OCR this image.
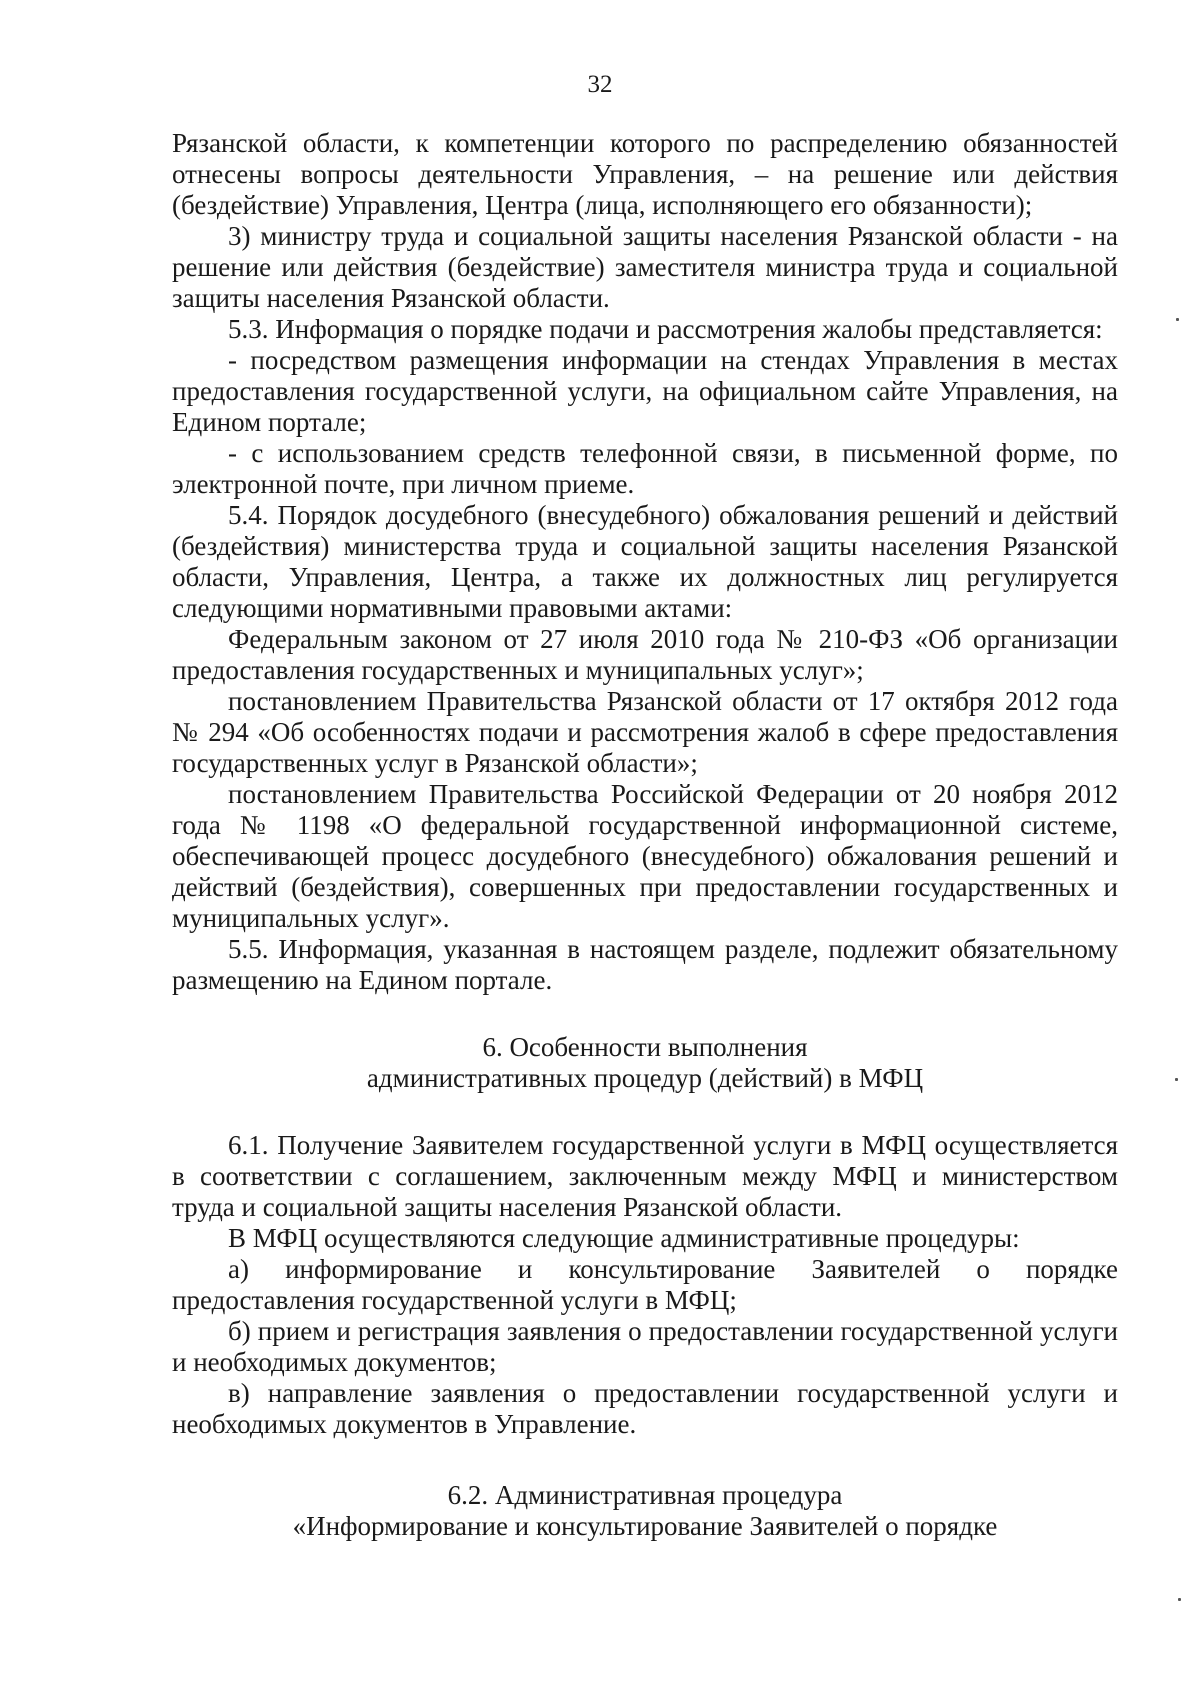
32

Рязанской области, к компетенции которого по распределению обязанностей отнесены вопросы деятельности Управления, – на решение или действия (бездействие) Управления, Центра (лица, исполняющего его обязанности);

3) министру труда и социальной защиты населения Рязанской области - на решение или действия (бездействие) заместителя министра труда и социальной защиты населения Рязанской области.

5.3. Информация о порядке подачи и рассмотрения жалобы представляется:

- посредством размещения информации на стендах Управления в местах предоставления государственной услуги, на официальном сайте Управления, на Едином портале;

- с использованием средств телефонной связи, в письменной форме, по электронной почте, при личном приеме.

5.4. Порядок досудебного (внесудебного) обжалования решений и действий (бездействия) министерства труда и социальной защиты населения Рязанской области, Управления, Центра, а также их должностных лиц регулируется следующими нормативными правовыми актами:

Федеральным законом от 27 июля 2010 года № 210-ФЗ «Об организации предоставления государственных и муниципальных услуг»;

постановлением Правительства Рязанской области от 17 октября 2012 года № 294 «Об особенностях подачи и рассмотрения жалоб в сфере предоставления государственных услуг в Рязанской области»;

постановлением Правительства Российской Федерации от 20 ноября 2012 года № 1198 «О федеральной государственной информационной системе, обеспечивающей процесс досудебного (внесудебного) обжалования решений и действий (бездействия), совершенных при предоставлении государственных и муниципальных услуг».

5.5. Информация, указанная в настоящем разделе, подлежит обязательному размещению на Едином портале.

6. Особенности выполнения

административных процедур (действий) в МФЦ

6.1. Получение Заявителем государственной услуги в МФЦ осуществляется в соответствии с соглашением, заключенным между МФЦ и министерством труда и социальной защиты населения Рязанской области.

В МФЦ осуществляются следующие административные процедуры:

а) информирование и консультирование Заявителей о порядке предоставления государственной услуги в МФЦ;

б) прием и регистрация заявления о предоставлении государственной услуги и необходимых документов;

в) направление заявления о предоставлении государственной услуги и необходимых документов в Управление.

6.2. Административная процедура

«Информирование и консультирование Заявителей о порядке
